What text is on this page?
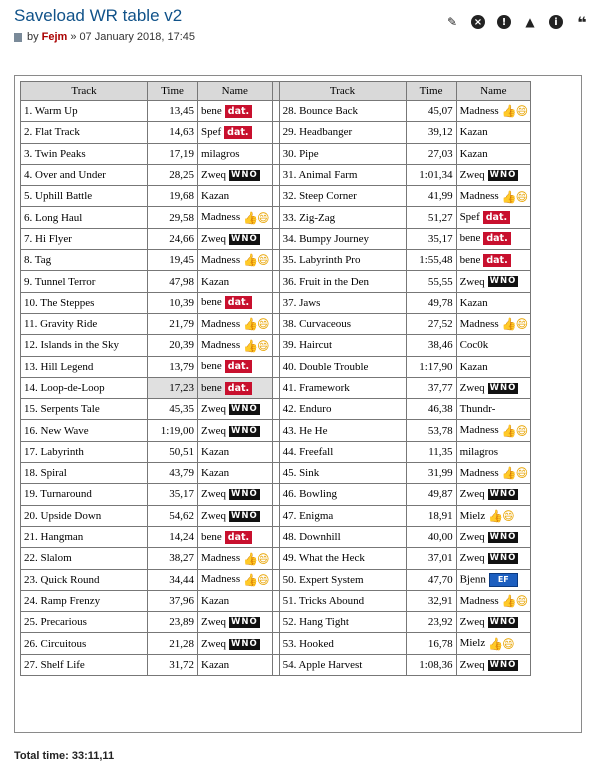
Saveload WR table v2
by Fejm » 07 January 2018, 17:45
✎ ×	!	▲	i	❝
Track	Time	Name		Track	Time	Name
1. Warm Up	13,45	bene dat.		28. Bounce Back	45,07	Madness 👍😄
2. Flat Track	14,63	Spef dat.		29. Headbanger	39,12	Kazan
3. Twin Peaks	17,19	milagros		30. Pipe	27,03	Kazan
4. Over and Under	28,25	Zweq WNO		31. Animal Farm	1:01,34	Zweq WNO
5. Uphill Battle	19,68	Kazan		32. Steep Corner	41,99	Madness 👍😄
6. Long Haul	29,58	Madness 👍😄		33. Zig-Zag	51,27	Spef dat.
7. Hi Flyer	24,66	Zweq WNO		34. Bumpy Journey	35,17	bene dat.
8. Tag	19,45	Madness 👍😄		35. Labyrinth Pro	1:55,48	bene dat.
9. Tunnel Terror	47,98	Kazan		36. Fruit in the Den	55,55	Zweq WNO
10. The Steppes	10,39	bene dat.		37. Jaws	49,78	Kazan
11. Gravity Ride	21,79	Madness 👍😄		38. Curvaceous	27,52	Madness 👍😄
12. Islands in the Sky	20,39	Madness 👍😄		39. Haircut	38,46	Coc0k
13. Hill Legend	13,79	bene dat.		40. Double Trouble	1:17,90	Kazan
14. Loop-de-Loop	17,23	bene dat.		41. Framework	37,77	Zweq WNO
15. Serpents Tale	45,35	Zweq WNO		42. Enduro	46,38	Thundr-
16. New Wave	1:19,00	Zweq WNO		43. He He	53,78	Madness 👍😄
17. Labyrinth	50,51	Kazan		44. Freefall	11,35	milagros
18. Spiral	43,79	Kazan		45. Sink	31,99	Madness 👍😄
19. Turnaround	35,17	Zweq WNO		46. Bowling	49,87	Zweq WNO
20. Upside Down	54,62	Zweq WNO		47. Enigma	18,91	Mielz 👍😄
21. Hangman	14,24	bene dat.		48. Downhill	40,00	Zweq WNO
22. Slalom	38,27	Madness 👍😄		49. What the Heck	37,01	Zweq WNO
23. Quick Round	34,44	Madness 👍😄		50. Expert System	47,70	Bjenn EF
24. Ramp Frenzy	37,96	Kazan		51. Tricks Abound	32,91	Madness 👍😄
25. Precarious	23,89	Zweq WNO		52. Hang Tight	23,92	Zweq WNO
26. Circuitous	21,28	Zweq WNO		53. Hooked	16,78	Mielz 👍😄
27. Shelf Life	31,72	Kazan		54. Apple Harvest	1:08,36	Zweq WNO
Total time: 33:11,11
